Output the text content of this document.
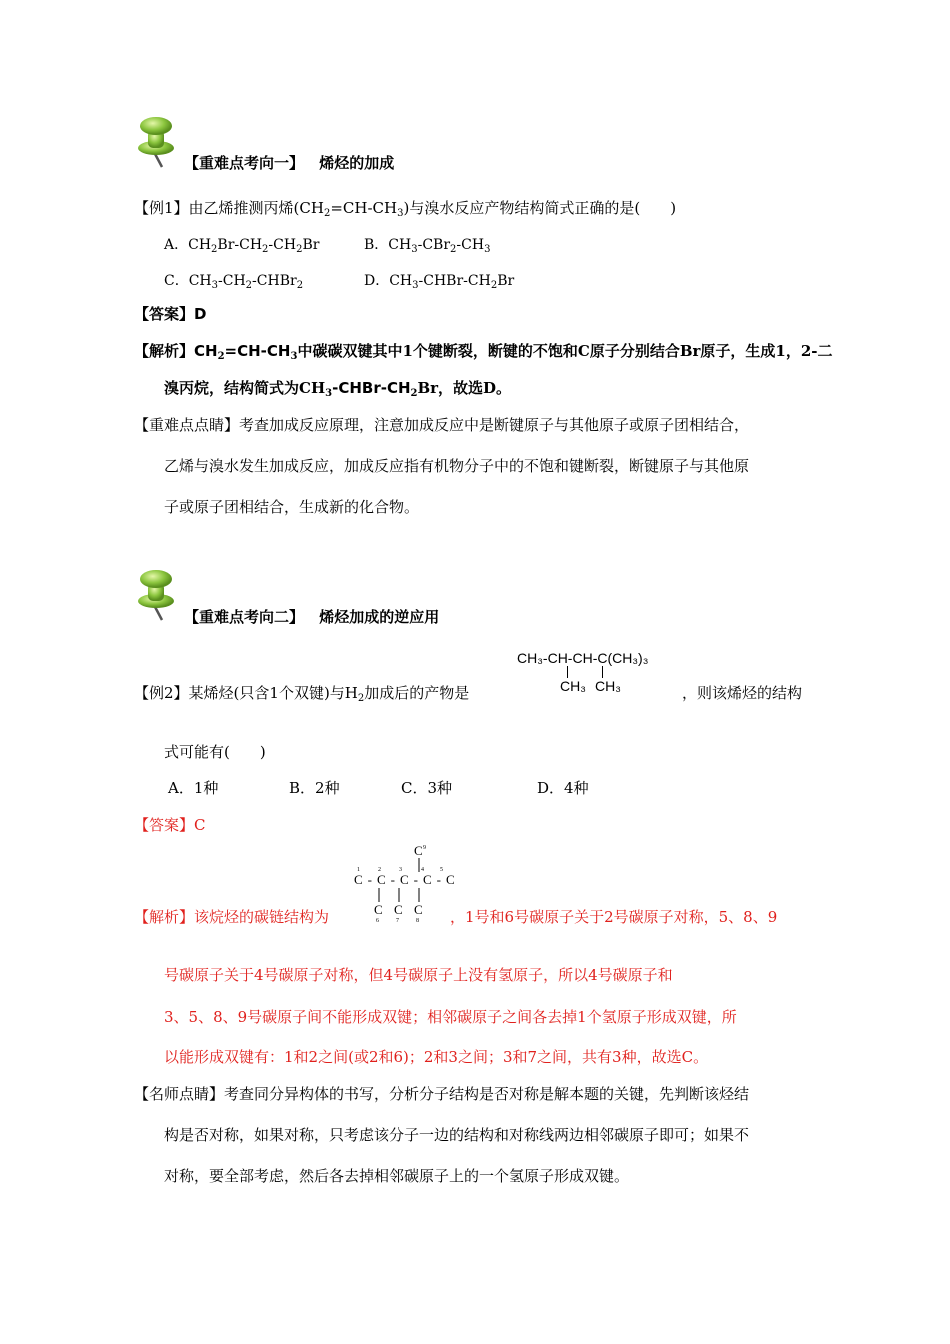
【重难点考向一】 烯烃的加成
【例1】由乙烯推测丙烯$(CH_2=CH-CH_3)$与溴水反应产物结构简式正确的是(　　)
A．$CH_2Br-CH_2-CH_2Br$	B．$CH_3-CBr_2-CH_3$
C．$CH_3-CH_2-CHBr_2$	D．$CH_3-CHBr-CH_2Br$
【答案】D
【解析】$CH_2=CH-CH_3$中碳碳双键其中1个键断裂，断键的不饱和C原子分别结合Br原子，生成1，2-二
溴丙烷，结构简式为$CH_3-CHBr-CH_2Br$，故选D。
【重难点点睛】考查加成反应原理，注意加成反应中是断键原子与其他原子或原子团相结合，
乙烯与溴水发生加成反应，加成反应指有机物分子中的不饱和键断裂，断键原子与其他原
子或原子团相结合，生成新的化合物。
【重难点考向二】 烯烃加成的逆应用
CH₃-CH-CH-C(CH₃)₃
CH₃ CH₃
【例2】某烯烃(只含1个双键)与$H_2$加成后的产物是	，则该烯烃的结构
式可能有(　　)
A．1种	B．2种	C．3种	D．4种
【答案】C
C 9
C-C-C-C-C
1	2	3	4	5
C C C
6	7	8
【解析】该烷烃的碳链结构为	，1号和6号碳原子关于2号碳原子对称，5、8、9
号碳原子关于4号碳原子对称，但4号碳原子上没有氢原子，所以4号碳原子和
3、5、8、9号碳原子间不能形成双键；相邻碳原子之间各去掉1个氢原子形成双键，所
以能形成双键有：1和2之间(或2和6)；2和3之间；3和7之间，共有3种，故选C。
【名师点睛】考查同分异构体的书写，分析分子结构是否对称是解本题的关键，先判断该烃结
构是否对称，如果对称，只考虑该分子一边的结构和对称线两边相邻碳原子即可；如果不
对称，要全部考虑，然后各去掉相邻碳原子上的一个氢原子形成双键。
